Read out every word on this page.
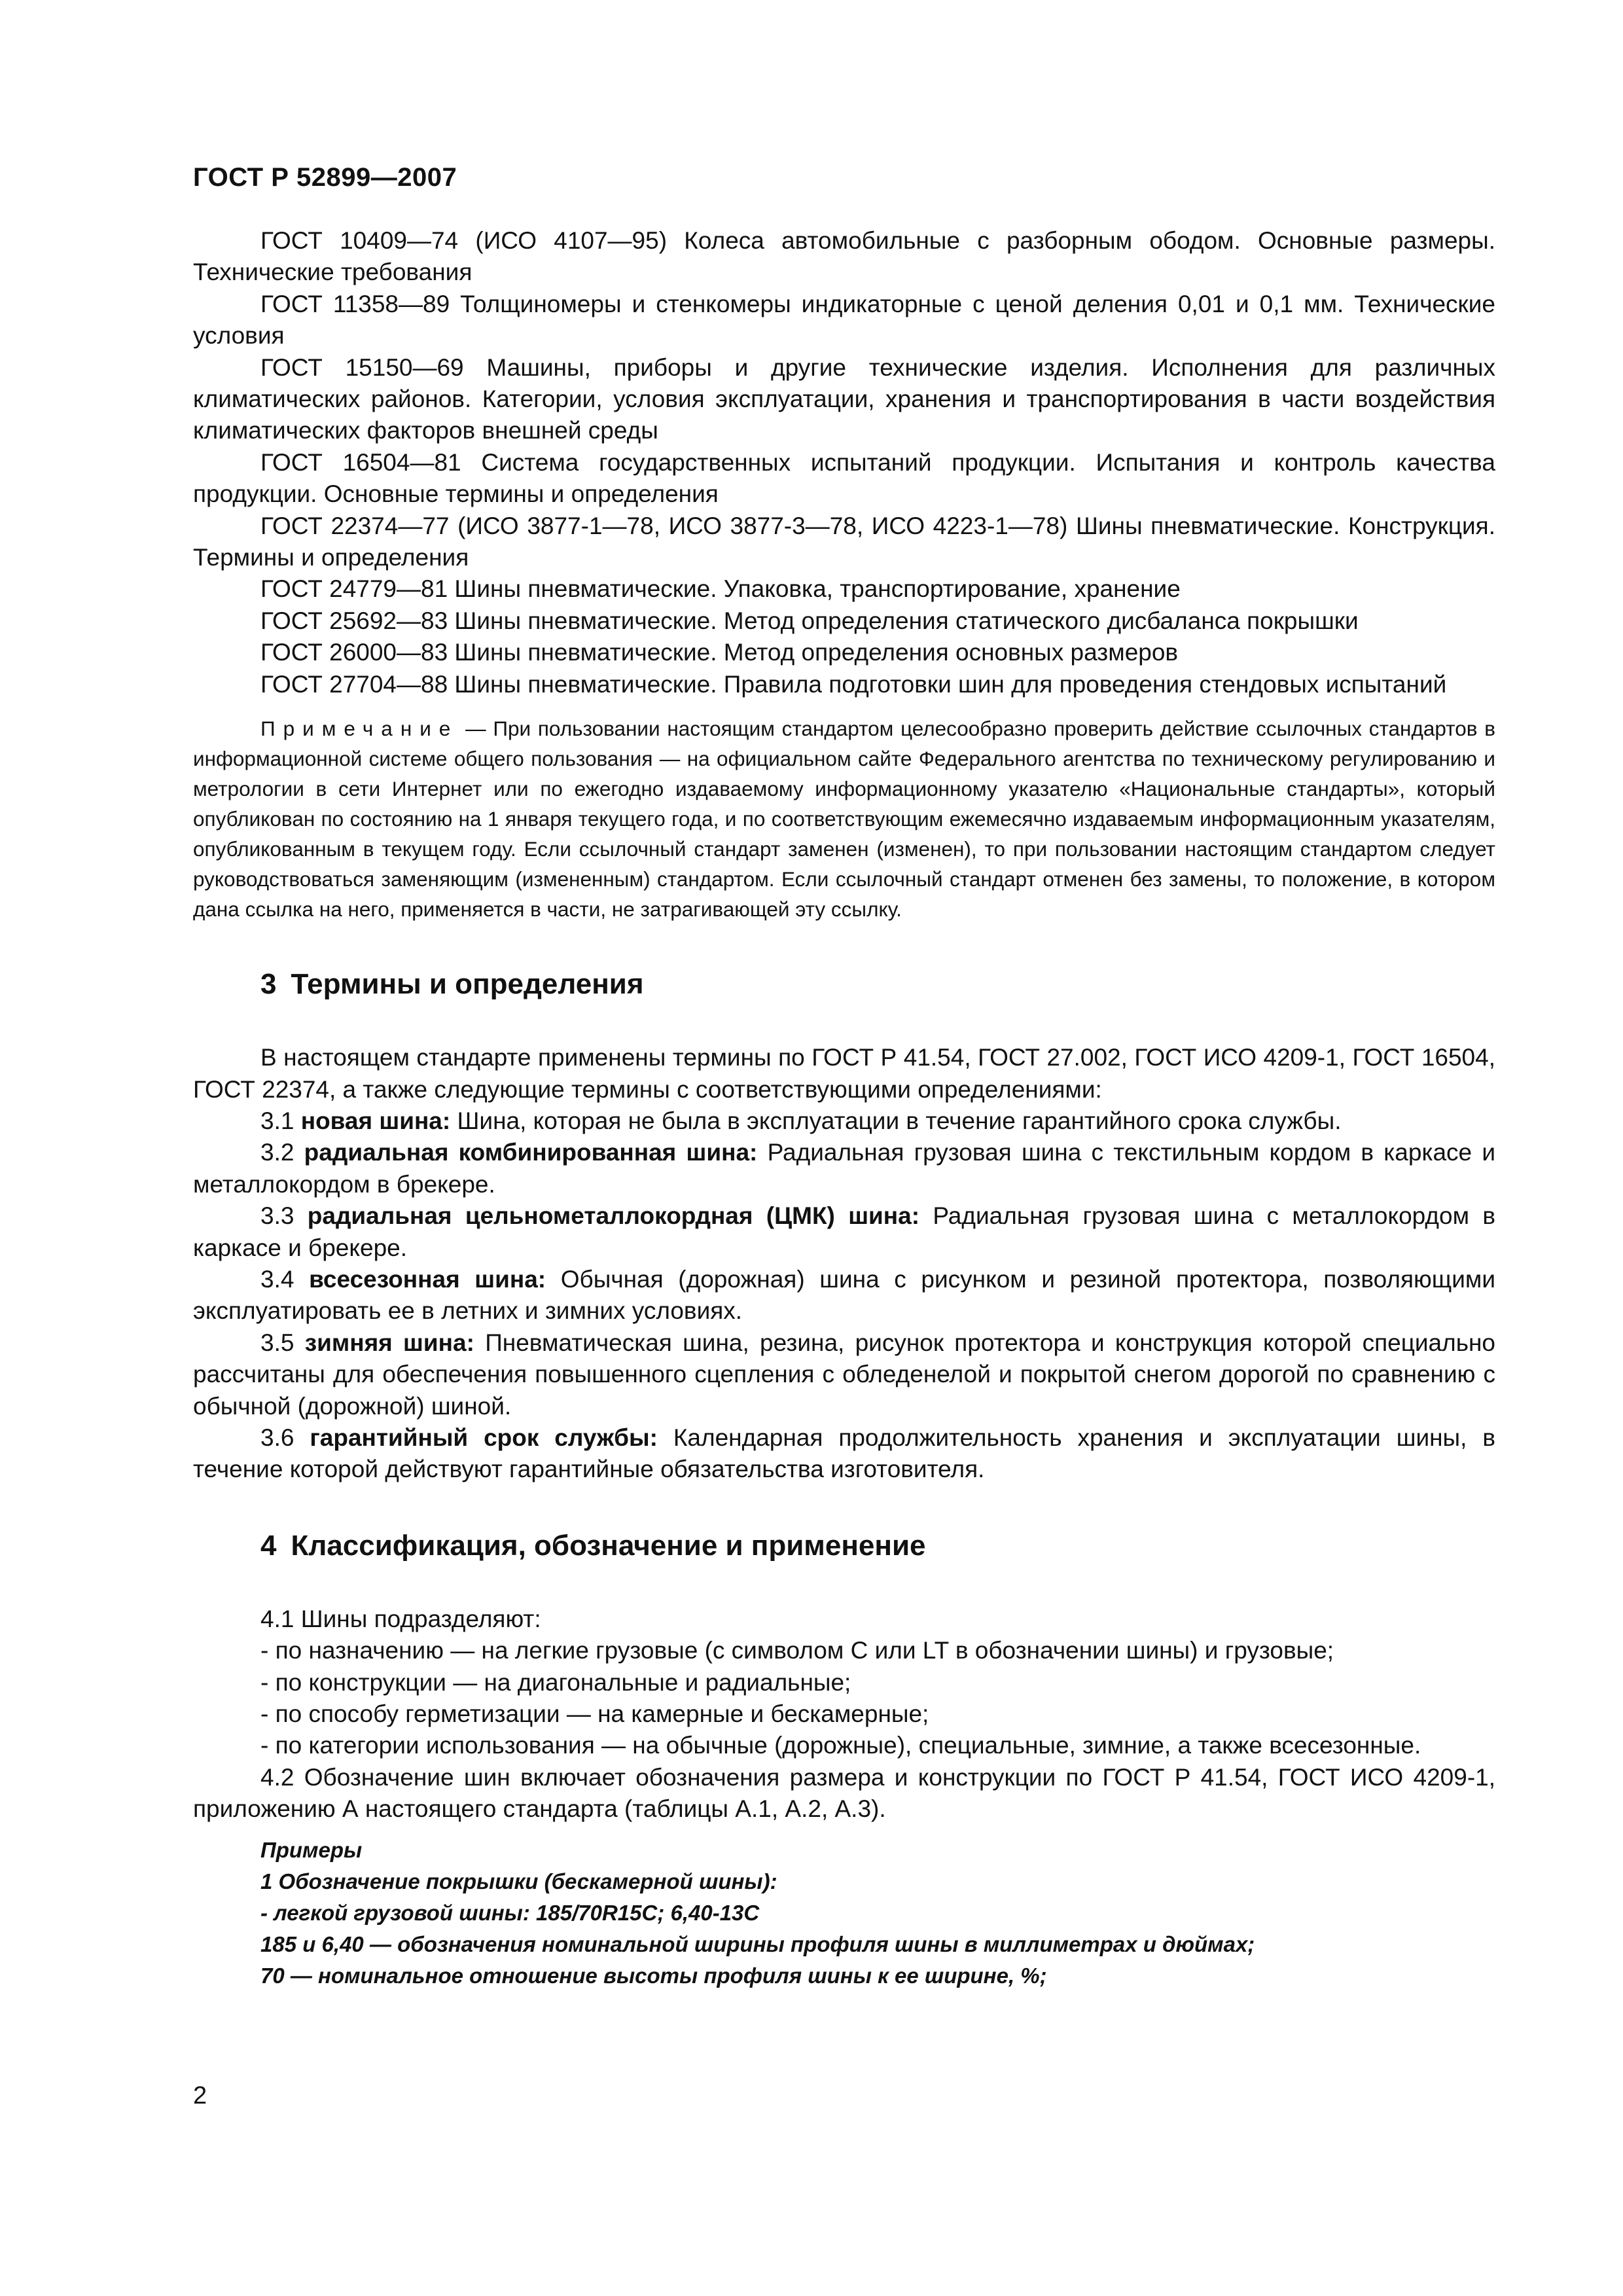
ГОСТ Р 52899—2007

ГОСТ 10409—74 (ИСО 4107—95) Колеса автомобильные с разборным ободом. Основные размеры. Технические требования

ГОСТ 11358—89 Толщиномеры и стенкомеры индикаторные с ценой деления 0,01 и 0,1 мм. Технические условия

ГОСТ 15150—69 Машины, приборы и другие технические изделия. Исполнения для различных климатических районов. Категории, условия эксплуатации, хранения и транспортирования в части воздействия климатических факторов внешней среды

ГОСТ 16504—81 Система государственных испытаний продукции. Испытания и контроль качества продукции. Основные термины и определения

ГОСТ 22374—77 (ИСО 3877-1—78, ИСО 3877-3—78, ИСО 4223-1—78) Шины пневматические. Конструкция. Термины и определения

ГОСТ 24779—81 Шины пневматические. Упаковка, транспортирование, хранение

ГОСТ 25692—83 Шины пневматические. Метод определения статического дисбаланса покрышки

ГОСТ 26000—83 Шины пневматические. Метод определения основных размеров

ГОСТ 27704—88 Шины пневматические. Правила подготовки шин для проведения стендовых испытаний

Примечание — При пользовании настоящим стандартом целесообразно проверить действие ссылочных стандартов в информационной системе общего пользования — на официальном сайте Федерального агентства по техническому регулированию и метрологии в сети Интернет или по ежегодно издаваемому информационному указателю «Национальные стандарты», который опубликован по состоянию на 1 января текущего года, и по соответствующим ежемесячно издаваемым информационным указателям, опубликованным в текущем году. Если ссылочный стандарт заменен (изменен), то при пользовании настоящим стандартом следует руководствоваться заменяющим (измененным) стандартом. Если ссылочный стандарт отменен без замены, то положение, в котором дана ссылка на него, применяется в части, не затрагивающей эту ссылку.

3 Термины и определения

В настоящем стандарте применены термины по ГОСТ Р 41.54, ГОСТ 27.002, ГОСТ ИСО 4209-1, ГОСТ 16504, ГОСТ 22374, а также следующие термины с соответствующими определениями:

3.1 новая шина: Шина, которая не была в эксплуатации в течение гарантийного срока службы.

3.2 радиальная комбинированная шина: Радиальная грузовая шина с текстильным кордом в каркасе и металлокордом в брекере.

3.3 радиальная цельнометаллокордная (ЦМК) шина: Радиальная грузовая шина с металлокордом в каркасе и брекере.

3.4 всесезонная шина: Обычная (дорожная) шина с рисунком и резиной протектора, позволяющими эксплуатировать ее в летних и зимних условиях.

3.5 зимняя шина: Пневматическая шина, резина, рисунок протектора и конструкция которой специально рассчитаны для обеспечения повышенного сцепления с обледенелой и покрытой снегом дорогой по сравнению с обычной (дорожной) шиной.

3.6 гарантийный срок службы: Календарная продолжительность хранения и эксплуатации шины, в течение которой действуют гарантийные обязательства изготовителя.

4 Классификация, обозначение и применение

4.1 Шины подразделяют:

- по назначению — на легкие грузовые (с символом С или LT в обозначении шины) и грузовые;

- по конструкции — на диагональные и радиальные;

- по способу герметизации — на камерные и бескамерные;

- по категории использования — на обычные (дорожные), специальные, зимние, а также всесезонные.

4.2 Обозначение шин включает обозначения размера и конструкции по ГОСТ Р 41.54, ГОСТ ИСО 4209-1, приложению А настоящего стандарта (таблицы А.1, А.2, А.3).

Примеры

1 Обозначение покрышки (бескамерной шины):

- легкой грузовой шины: 185/70R15C; 6,40-13C

185 и 6,40 — обозначения номинальной ширины профиля шины в миллиметрах и дюймах;

70 — номинальное отношение высоты профиля шины к ее ширине, %;

2
